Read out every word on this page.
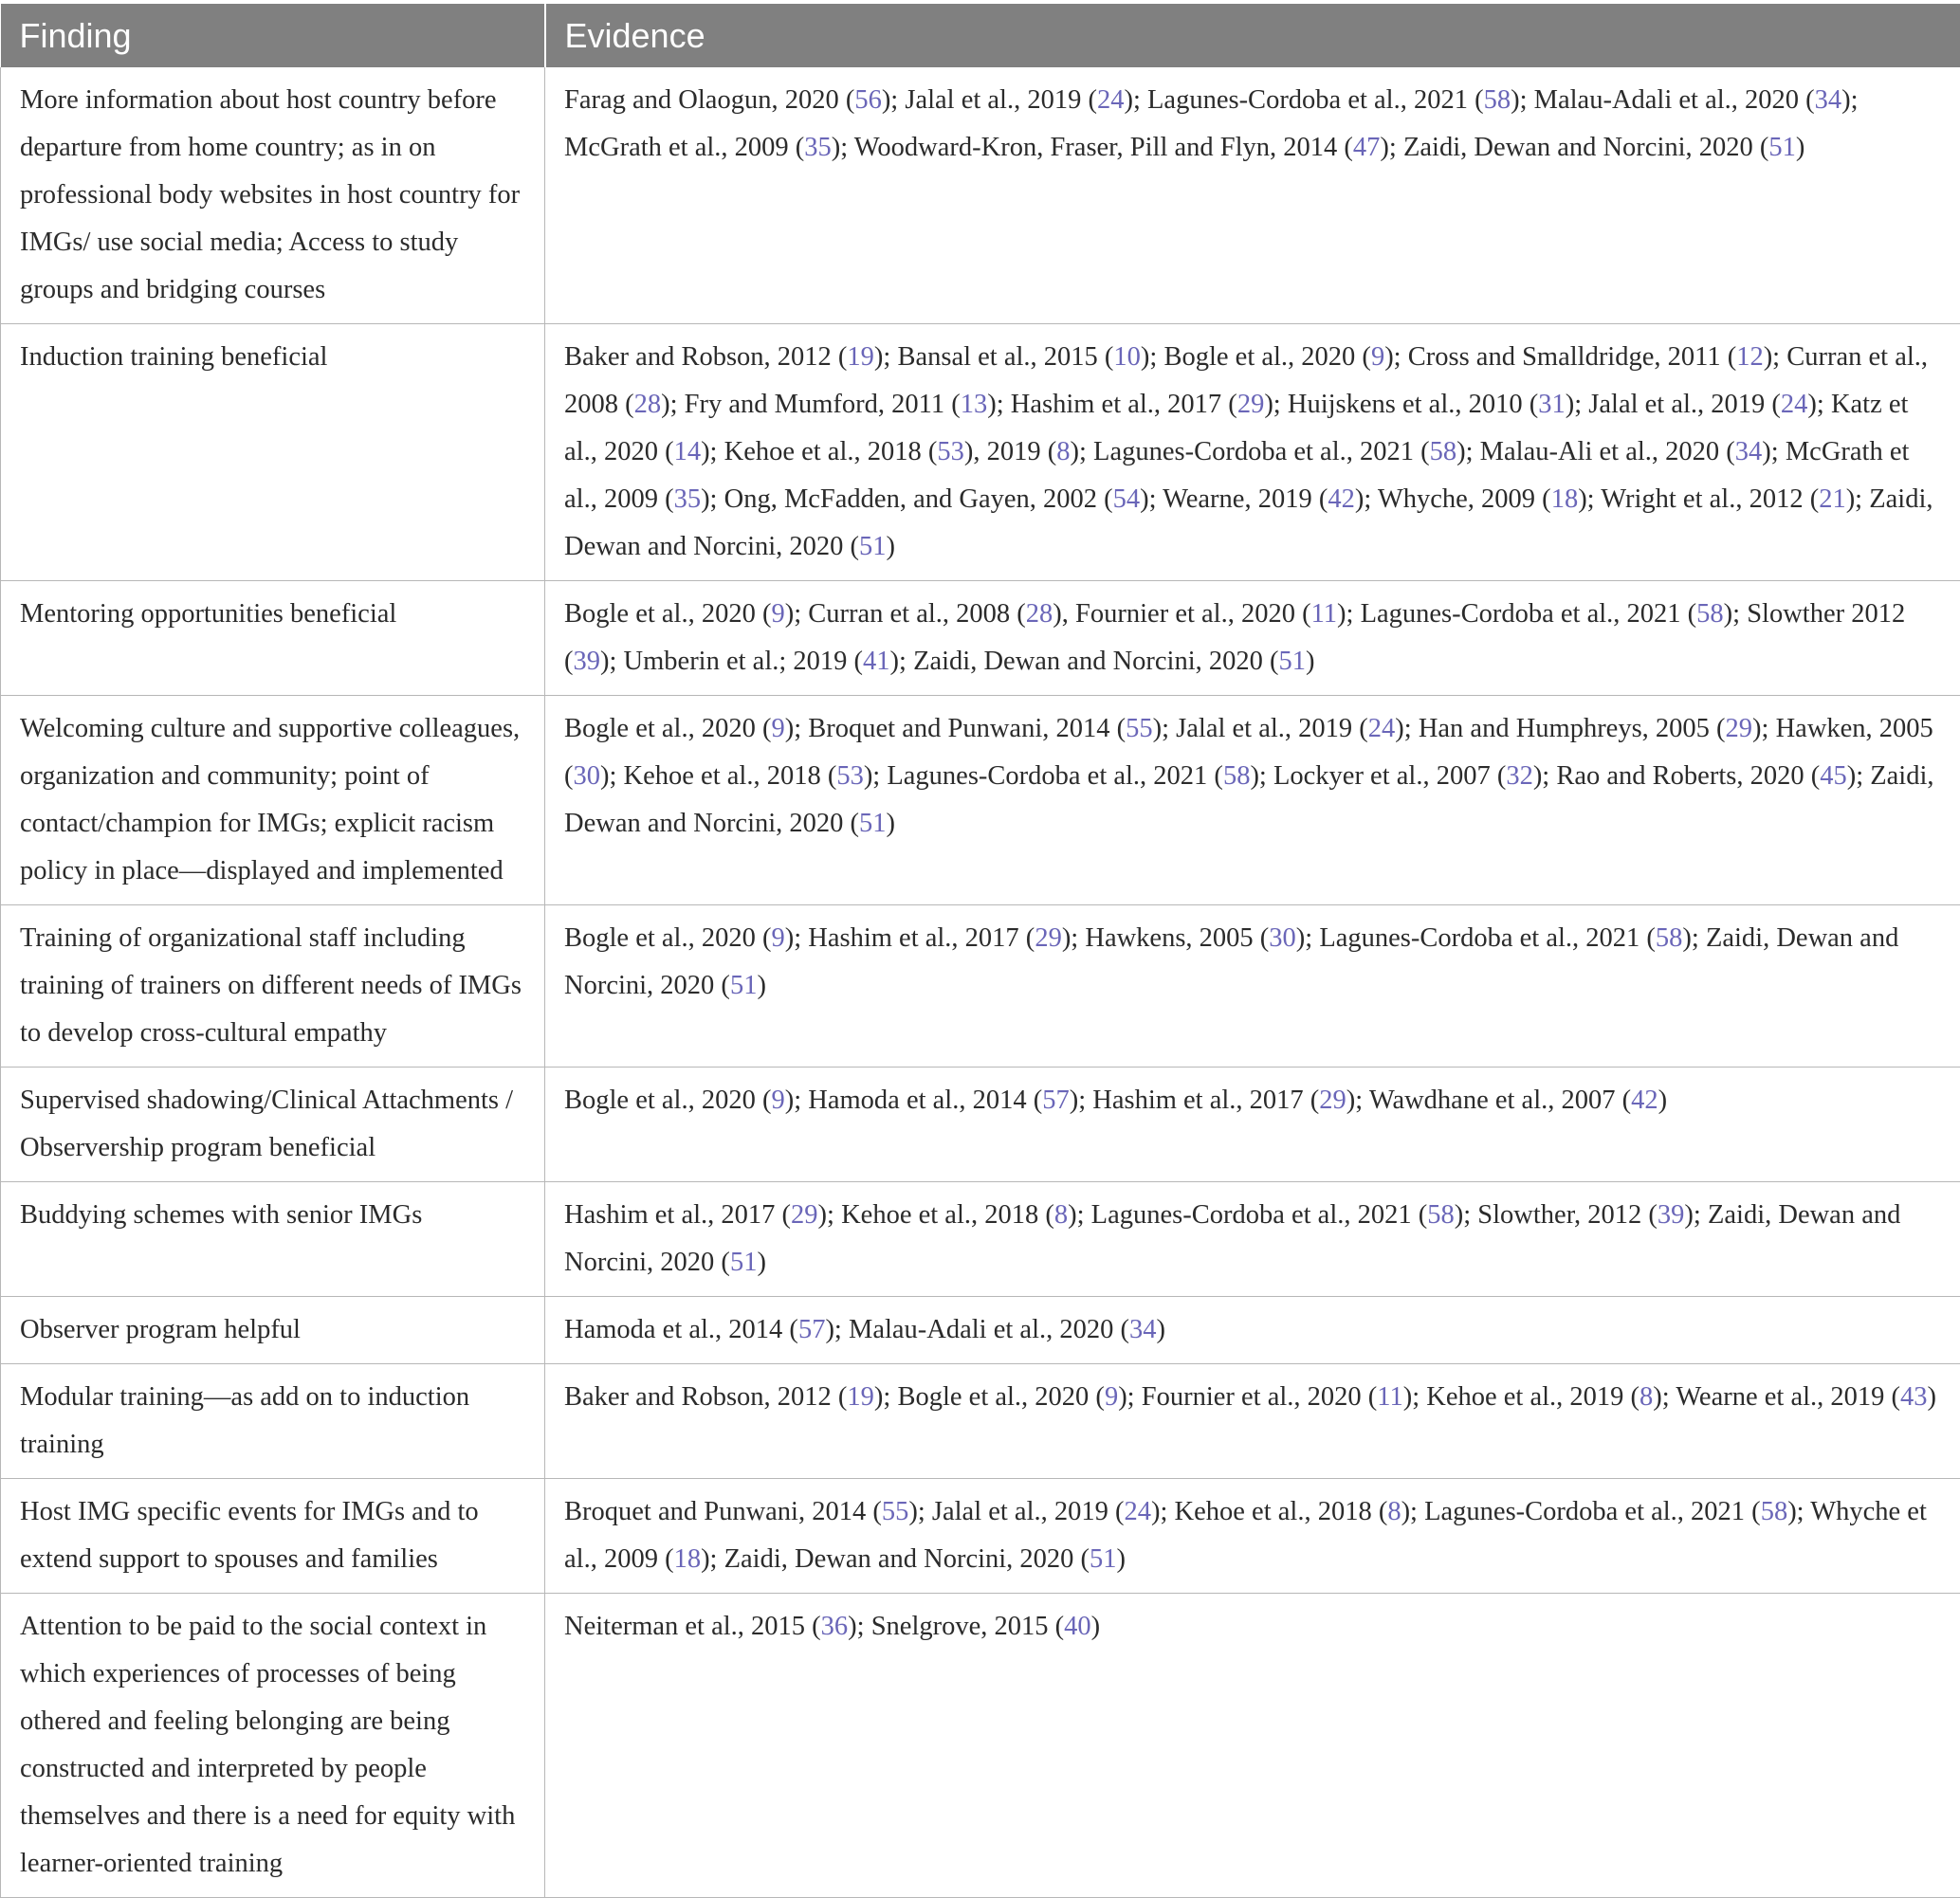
Finding	Evidence
More information about host country before departure from home country; as in on professional body websites in host country for IMGs/ use social media; Access to study groups and bridging courses	Farag and Olaogun, 2020 (56); Jalal et al., 2019 (24); Lagunes-Cordoba et al., 2021 (58); Malau-Adali et al., 2020 (34); McGrath et al., 2009 (35); Woodward-Kron, Fraser, Pill and Flyn, 2014 (47); Zaidi, Dewan and Norcini, 2020 (51)
Induction training beneficial	Baker and Robson, 2012 (19); Bansal et al., 2015 (10); Bogle et al., 2020 (9); Cross and Smalldridge, 2011 (12); Curran et al., 2008 (28); Fry and Mumford, 2011 (13); Hashim et al., 2017 (29); Huijskens et al., 2010 (31); Jalal et al., 2019 (24); Katz et al., 2020 (14); Kehoe et al., 2018 (53), 2019 (8); Lagunes-Cordoba et al., 2021 (58); Malau-Ali et al., 2020 (34); McGrath et al., 2009 (35); Ong, McFadden, and Gayen, 2002 (54); Wearne, 2019 (42); Whyche, 2009 (18); Wright et al., 2012 (21); Zaidi, Dewan and Norcini, 2020 (51)
Mentoring opportunities beneficial	Bogle et al., 2020 (9); Curran et al., 2008 (28), Fournier et al., 2020 (11); Lagunes-Cordoba et al., 2021 (58); Slowther 2012 (39); Umberin et al.; 2019 (41); Zaidi, Dewan and Norcini, 2020 (51)
Welcoming culture and supportive colleagues, organization and community; point of contact/champion for IMGs; explicit racism policy in place—displayed and implemented	Bogle et al., 2020 (9); Broquet and Punwani, 2014 (55); Jalal et al., 2019 (24); Han and Humphreys, 2005 (29); Hawken, 2005 (30); Kehoe et al., 2018 (53); Lagunes-Cordoba et al., 2021 (58); Lockyer et al., 2007 (32); Rao and Roberts, 2020 (45); Zaidi, Dewan and Norcini, 2020 (51)
Training of organizational staff including training of trainers on different needs of IMGs to develop cross-cultural empathy	Bogle et al., 2020 (9); Hashim et al., 2017 (29); Hawkens, 2005 (30); Lagunes-Cordoba et al., 2021 (58); Zaidi, Dewan and Norcini, 2020 (51)
Supervised shadowing/Clinical Attachments / Observership program beneficial	Bogle et al., 2020 (9); Hamoda et al., 2014 (57); Hashim et al., 2017 (29); Wawdhane et al., 2007 (42)
Buddying schemes with senior IMGs	Hashim et al., 2017 (29); Kehoe et al., 2018 (8); Lagunes-Cordoba et al., 2021 (58); Slowther, 2012 (39); Zaidi, Dewan and Norcini, 2020 (51)
Observer program helpful	Hamoda et al., 2014 (57); Malau-Adali et al., 2020 (34)
Modular training—as add on to induction training	Baker and Robson, 2012 (19); Bogle et al., 2020 (9); Fournier et al., 2020 (11); Kehoe et al., 2019 (8); Wearne et al., 2019 (43)
Host IMG specific events for IMGs and to extend support to spouses and families	Broquet and Punwani, 2014 (55); Jalal et al., 2019 (24); Kehoe et al., 2018 (8); Lagunes-Cordoba et al., 2021 (58); Whyche et al., 2009 (18); Zaidi, Dewan and Norcini, 2020 (51)
Attention to be paid to the social context in which experiences of processes of being othered and feeling belonging are being constructed and interpreted by people themselves and there is a need for equity with learner-oriented training	Neiterman et al., 2015 (36); Snelgrove, 2015 (40)
